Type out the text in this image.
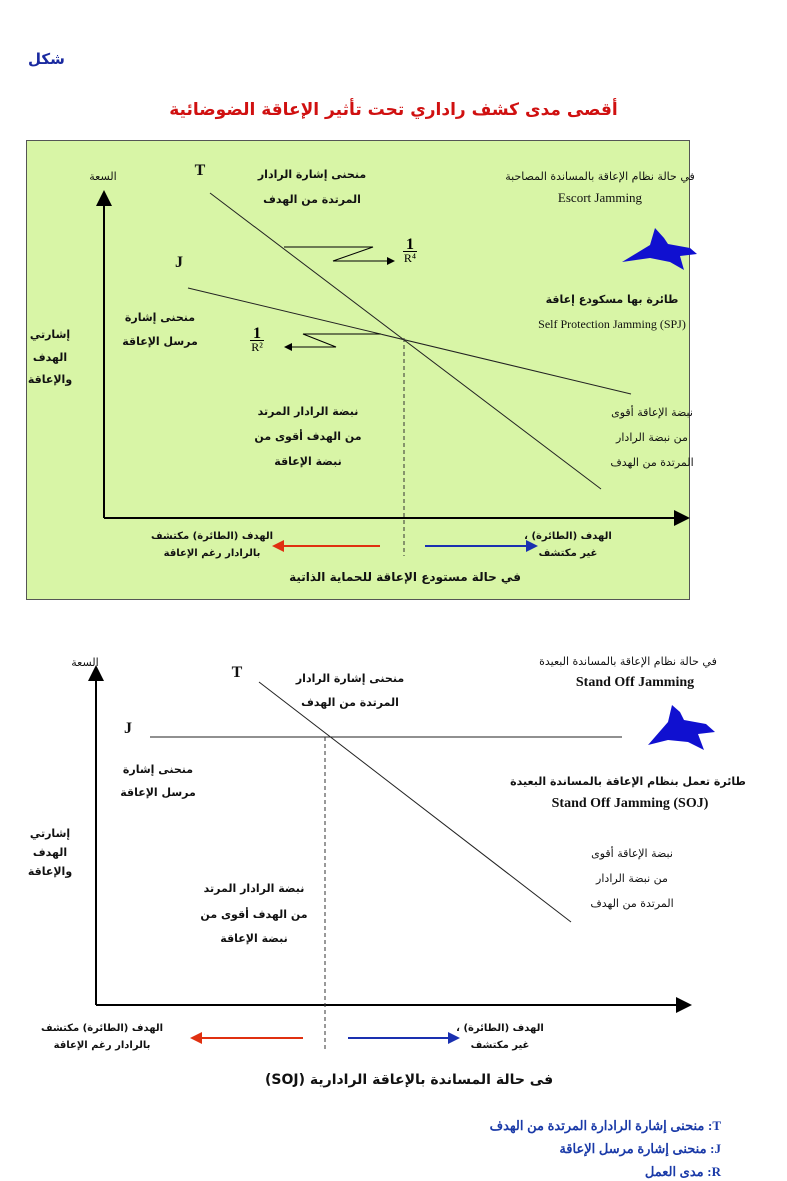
شكل
أقصى مدى كشف راداري تحت تأثير الإعاقة الضوضائية
السعة	T
J
منحنى إشارة الرادار
المرتدة من الهدف
في حالة نظام الإعاقة بالمساندة المصاحبة
Escort Jamming
1
R⁴
1
R²
طائرة بها مسكودع إعاقة
Self Protection Jamming (SPJ)
منحنى إشارة
مرسل الإعاقة
إشارتي
الهدف
والإعاقة
نبضة الرادار المرتد
من الهدف أقوى من
نبضة الإعاقة
نبضة الإعاقة أقوى
من نبضة الرادار
المرتدة من الهدف
الهدف (الطائرة) مكتشف
بالرادار رغم الإعاقة
الهدف (الطائرة) ،
غير مكتشف
في حالة مستودع الإعاقة للحماية الذاتية
السعة
T
J
منحنى إشارة الرادار
المرتدة من الهدف
في حالة نظام الإعاقة بالمساندة البعيدة
Stand Off Jamming
منحنى إشارة
مرسل الإعاقة
طائرة تعمل بنظام الإعاقة بالمساندة البعيدة
Stand Off Jamming (SOJ)
إشارتي
الهدف
والإعاقة
نبضة الرادار المرتد
من الهدف أقوى من
نبضة الإعاقة
نبضة الإعاقة أقوى
من نبضة الرادار
المرتدة من الهدف
الهدف (الطائرة) مكتشف
بالرادار رغم الإعاقة
الهدف (الطائرة) ،
غير مكتشف
فى حالة المساندة بالإعاقة الرادارية (SOJ)
T: منحنى إشارة الرادارة المرتدة من الهدف
J: منحنى إشارة مرسل الإعاقة
R: مدى العمل
